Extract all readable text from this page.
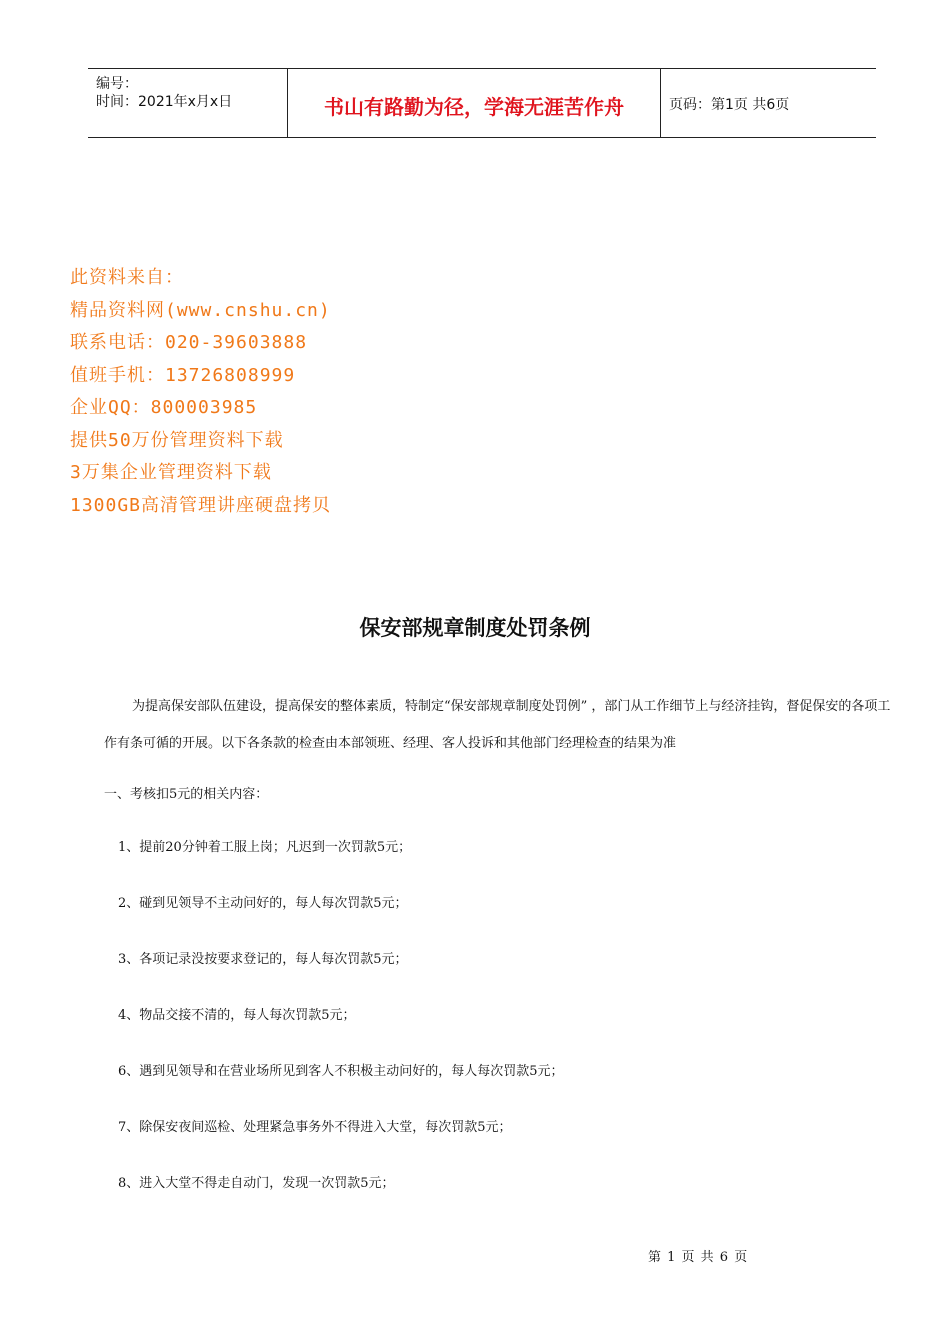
编号：
时间：2021年x月x日	书山有路勤为径，学海无涯苦作舟	页码：第1页 共6页
此资料来自：
精品资料网(www.cnshu.cn)
联系电话：020-39603888
值班手机：13726808999
企业QQ：800003985
提供50万份管理资料下载
3万集企业管理资料下载
1300GB高清管理讲座硬盘拷贝
保安部规章制度处罚条例
为提高保安部队伍建设，提高保安的整体素质，特制定“保安部规章制度处罚例” ，部门从工作细节上与经济挂钩，督促保安的各项工作有条可循的开展。以下各条款的检查由本部领班、经理、客人投诉和其他部门经理检查的结果为准
一、考核扣5元的相关内容：
1、提前20分钟着工服上岗；凡迟到一次罚款5元；
2、碰到见领导不主动问好的，每人每次罚款5元；
3、各项记录没按要求登记的，每人每次罚款5元；
4、物品交接不清的，每人每次罚款5元；
6、遇到见领导和在营业场所见到客人不积极主动问好的，每人每次罚款5元；
7、除保安夜间巡检、处理紧急事务外不得进入大堂，每次罚款5元；
8、进入大堂不得走自动门，发现一次罚款5元；
第 1 页 共 6 页
